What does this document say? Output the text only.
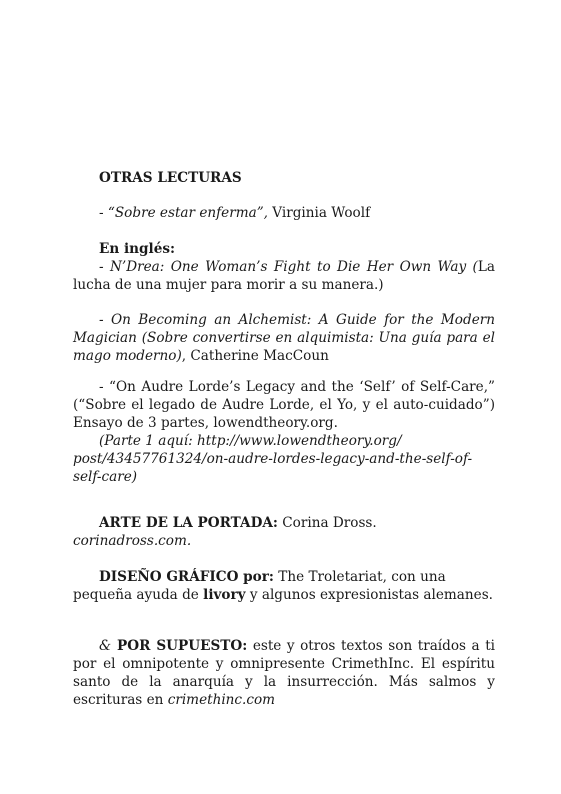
OTRAS LECTURAS
- “Sobre estar enferma”, Virginia Woolf
En inglés:
- N’Drea: One Woman’s Fight to Die Her Own Way (La lucha de una mujer para morir a su manera.)
- On Becoming an Alchemist: A Guide for the Modern Magician (Sobre convertirse en alquimista: Una guía para el mago moderno), Catherine MacCoun
- “On Audre Lorde’s Legacy and the ‘Self’ of Self-Care,” (“Sobre el legado de Audre Lorde, el Yo, y el auto-cuidado”) Ensayo de 3 partes, lowendtheory.org.
(Parte 1 aquí: http://www.lowendtheory.org/ post/43457761324/on-audre-lordes-legacy-and-the-self-of-self-care)
ARTE DE LA PORTADA: Corina Dross. corinadross.com.
DISEÑO GRÁFICO por: The Troletariat, con una pequeña ayuda de livory y algunos expresionistas alemanes.
& POR SUPUESTO: este y otros textos son traídos a ti por el omnipotente y omnipresente CrimethInc. El espíritu santo de la anarquía y la insurrección. Más salmos y escrituras en crimethinc.com
